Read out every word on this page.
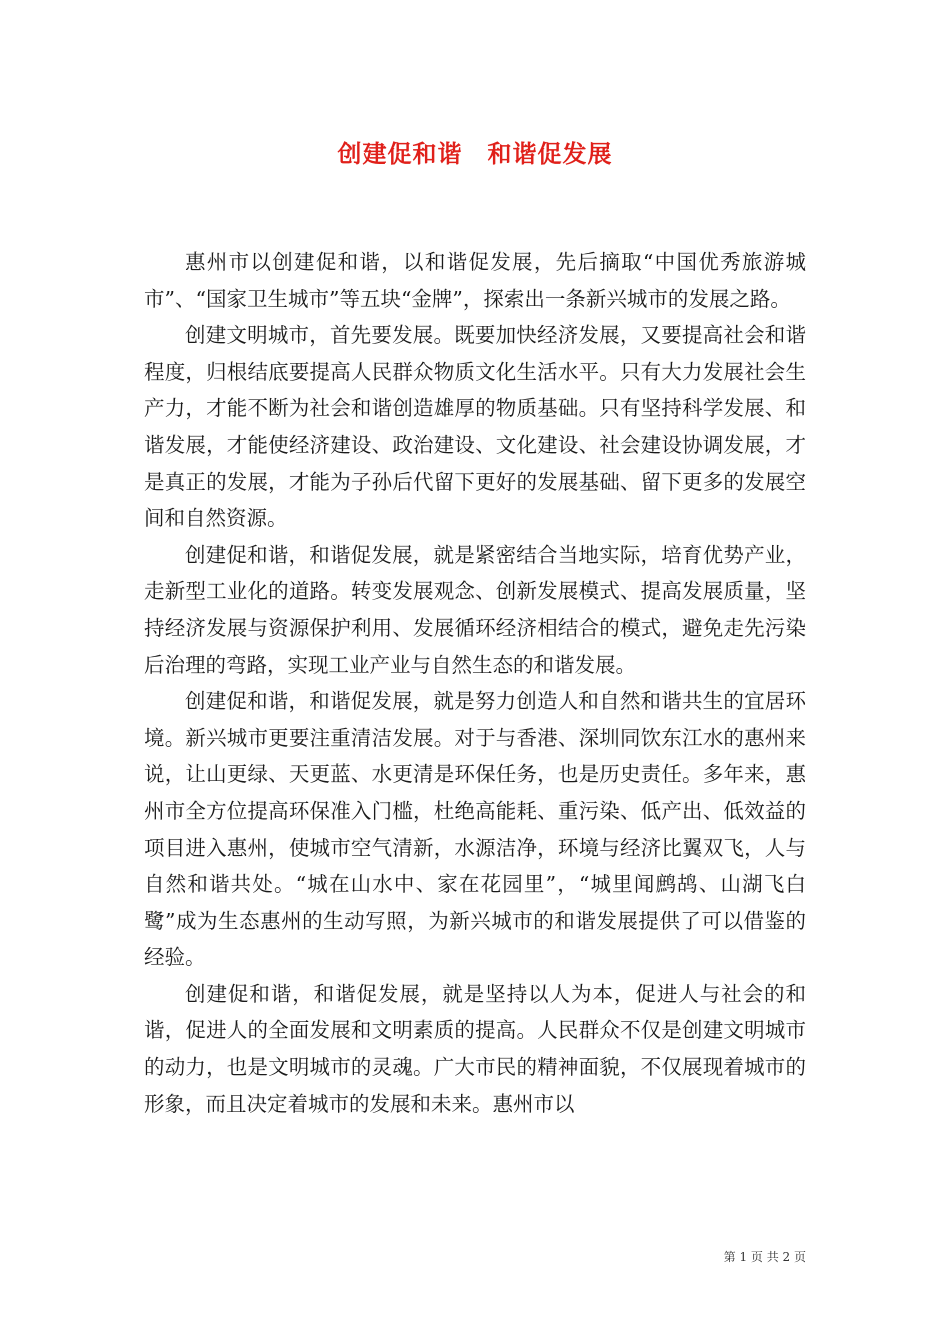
创建促和谐　和谐促发展

惠州市以创建促和谐，以和谐促发展，先后摘取“中国优秀旅游城市”、“国家卫生城市”等五块“金牌”，探索出一条新兴城市的发展之路。

创建文明城市，首先要发展。既要加快经济发展，又要提高社会和谐程度，归根结底要提高人民群众物质文化生活水平。只有大力发展社会生产力，才能不断为社会和谐创造雄厚的物质基础。只有坚持科学发展、和谐发展，才能使经济建设、政治建设、文化建设、社会建设协调发展，才是真正的发展，才能为子孙后代留下更好的发展基础、留下更多的发展空间和自然资源。

创建促和谐，和谐促发展，就是紧密结合当地实际，培育优势产业，走新型工业化的道路。转变发展观念、创新发展模式、提高发展质量，坚持经济发展与资源保护利用、发展循环经济相结合的模式，避免走先污染后治理的弯路，实现工业产业与自然生态的和谐发展。

创建促和谐，和谐促发展，就是努力创造人和自然和谐共生的宜居环境。新兴城市更要注重清洁发展。对于与香港、深圳同饮东江水的惠州来说，让山更绿、天更蓝、水更清是环保任务，也是历史责任。多年来，惠州市全方位提高环保准入门槛，杜绝高能耗、重污染、低产出、低效益的项目进入惠州，使城市空气清新，水源洁净，环境与经济比翼双飞，人与自然和谐共处。“城在山水中、家在花园里”，“城里闻鹧鸪、山湖飞白鹭”成为生态惠州的生动写照，为新兴城市的和谐发展提供了可以借鉴的经验。

创建促和谐，和谐促发展，就是坚持以人为本，促进人与社会的和谐，促进人的全面发展和文明素质的提高。人民群众不仅是创建文明城市的动力，也是文明城市的灵魂。广大市民的精神面貌，不仅展现着城市的形象，而且决定着城市的发展和未来。惠州市以

第 1 页 共 2 页
